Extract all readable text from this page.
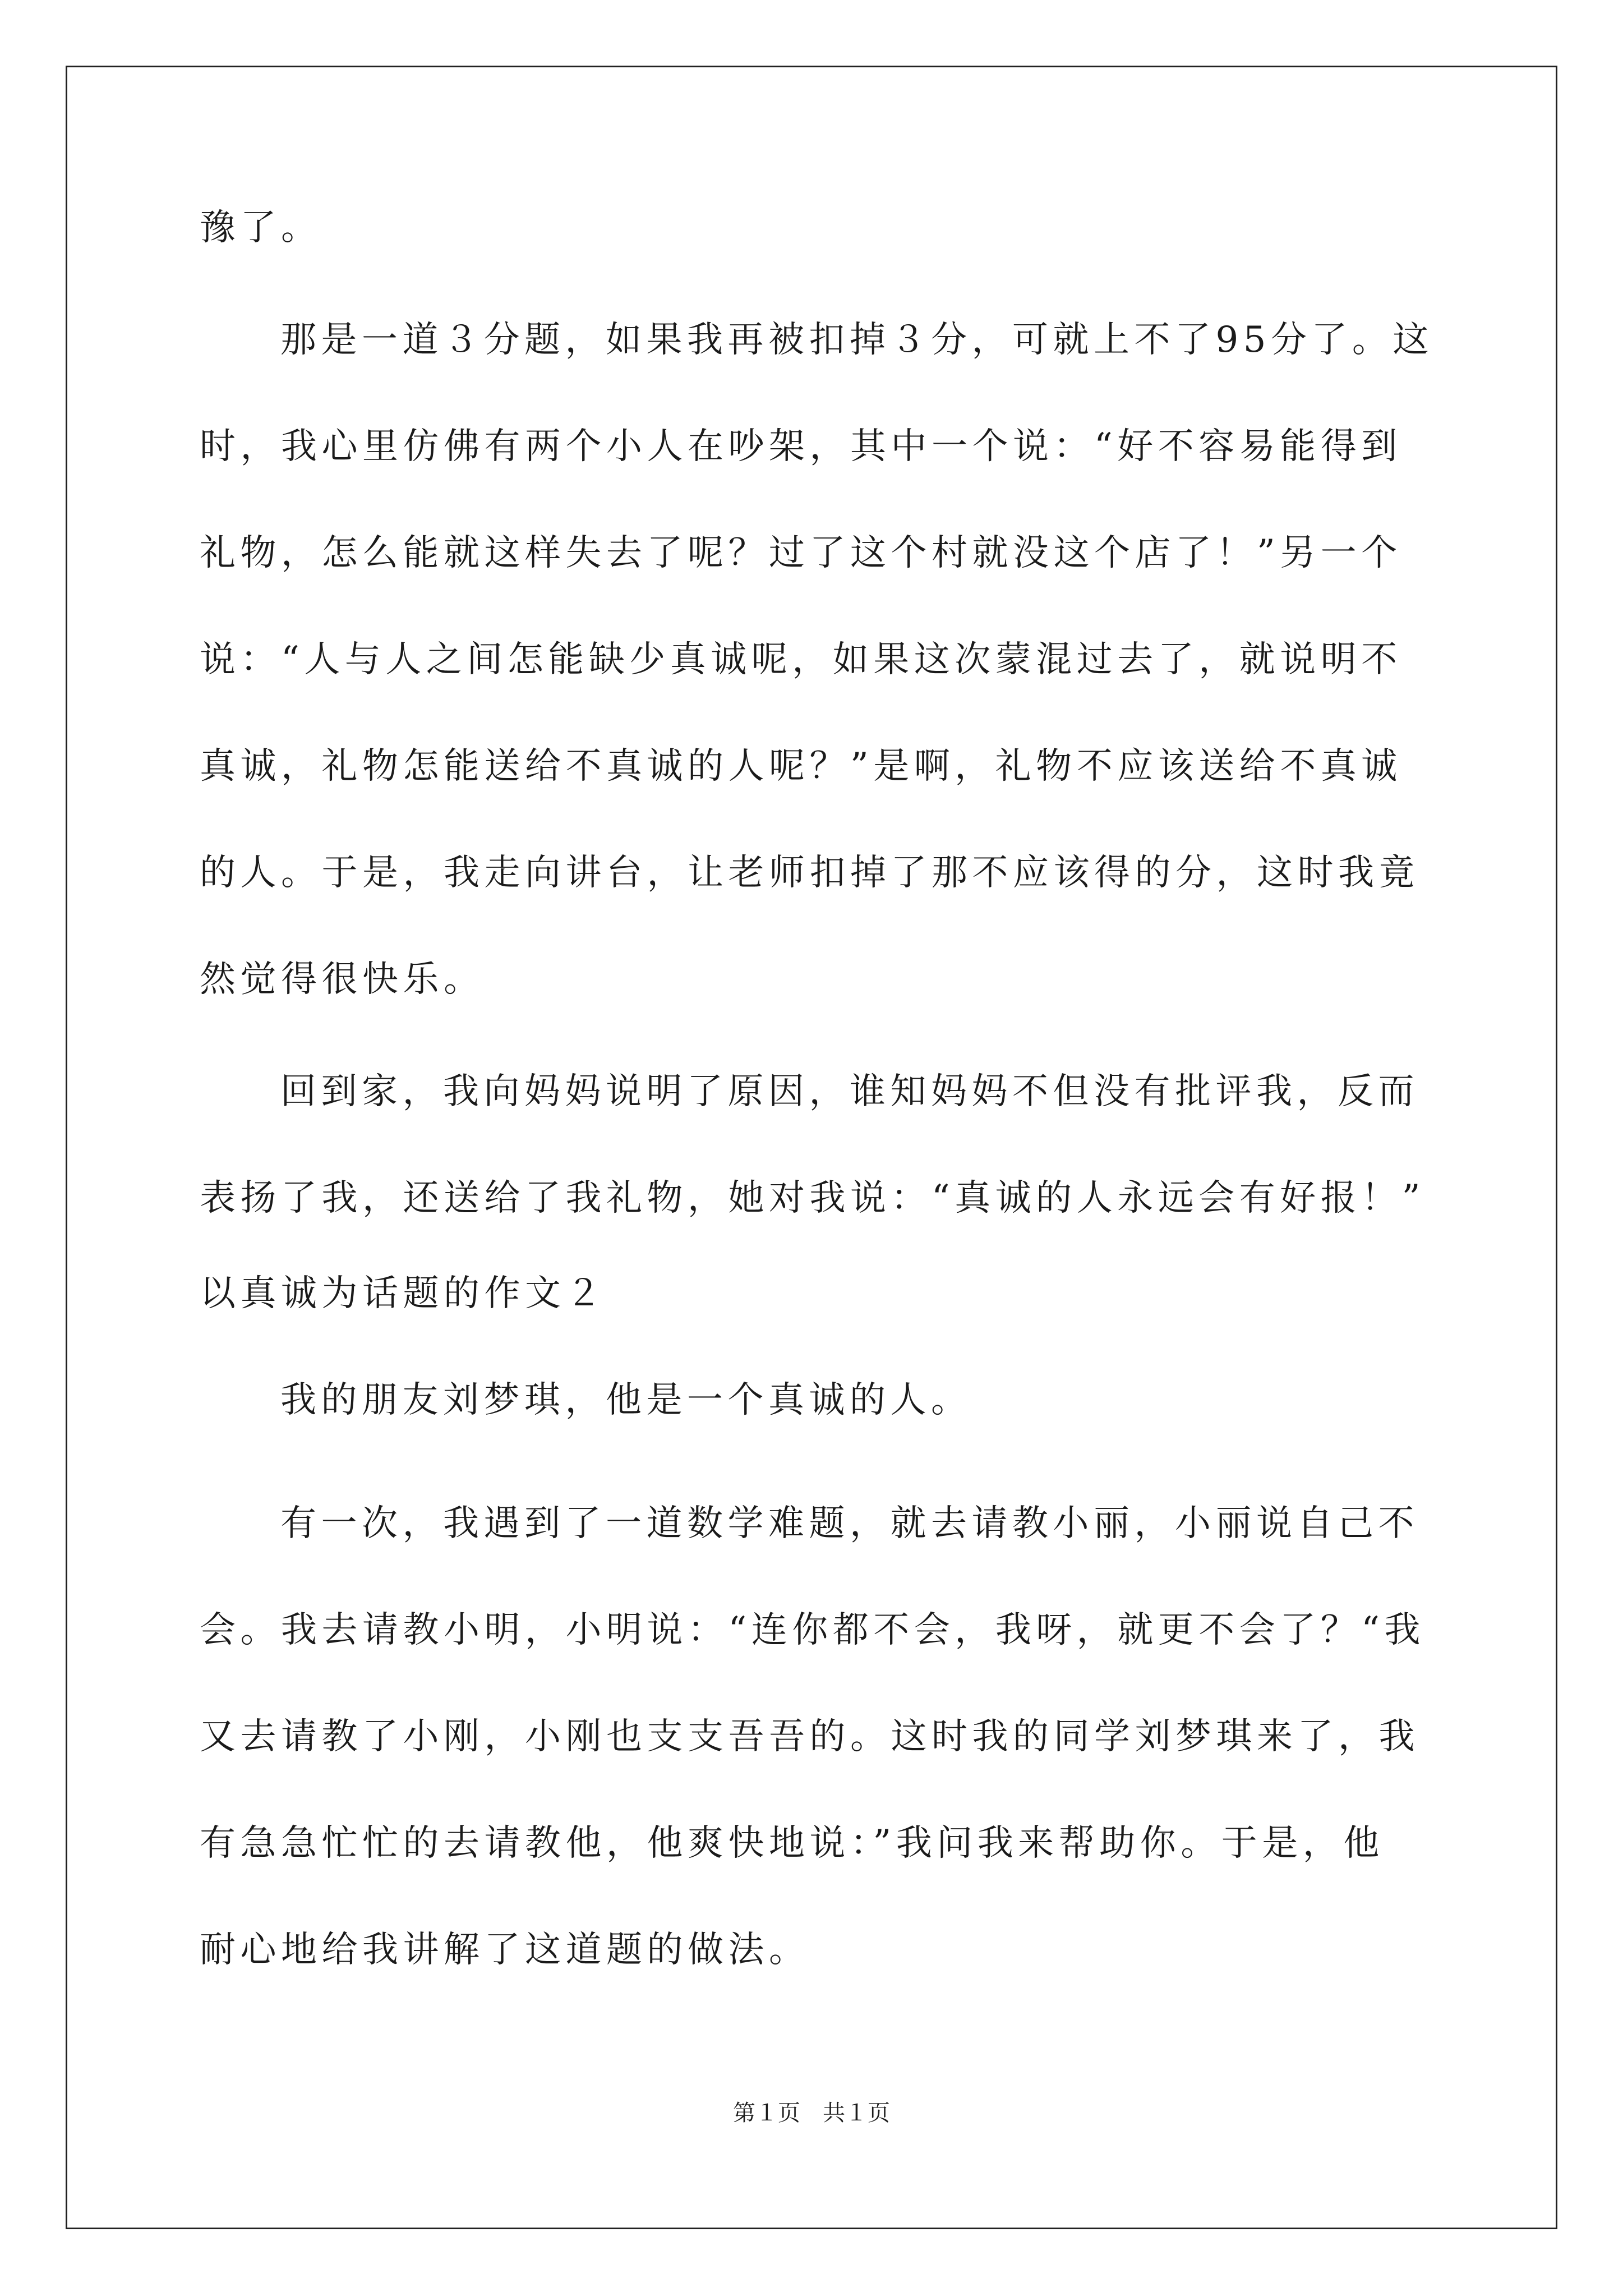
豫了。
那是一道３分题，如果我再被扣掉３分，可就上不了95分了。这
时，我心里仿佛有两个小人在吵架，其中一个说：“好不容易能得到
礼物，怎么能就这样失去了呢？过了这个村就没这个店了！”另一个
说：“人与人之间怎能缺少真诚呢，如果这次蒙混过去了，就说明不
真诚，礼物怎能送给不真诚的人呢？”是啊，礼物不应该送给不真诚
的人。于是，我走向讲台，让老师扣掉了那不应该得的分，这时我竟
然觉得很快乐。
回到家，我向妈妈说明了原因，谁知妈妈不但没有批评我，反而
表扬了我，还送给了我礼物，她对我说：“真诚的人永远会有好报！”
以真诚为话题的作文２
我的朋友刘梦琪，他是一个真诚的人。
有一次，我遇到了一道数学难题，就去请教小丽，小丽说自己不
会。我去请教小明，小明说：“连你都不会，我呀，就更不会了？“我
又去请教了小刚，小刚也支支吾吾的。这时我的同学刘梦琪来了，我
有急急忙忙的去请教他，他爽快地说：”我问我来帮助你。于是，他
耐心地给我讲解了这道题的做法。
第１页　共１页
